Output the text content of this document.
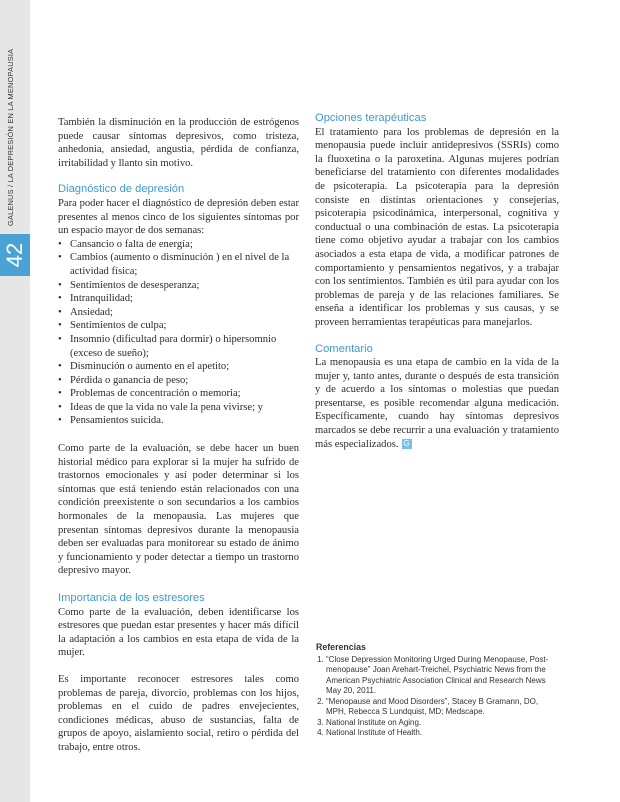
42
GALENUS / LA DEPRESIÓN EN LA MENOPAUSIA	También la disminución en la producción de estrógenos puede causar síntomas depresivos, como tristeza, anhedonia, ansiedad, angustia, pérdida de confianza, irritabilidad y llanto sin motivo.

Diagnóstico de depresión

Para poder hacer el diagnóstico de depresión deben estar presentes al menos cinco de los siguientes síntomas por un espacio mayor de dos semanas:

• Cansancio o falta de energía;
• Cambios (aumento o disminución ) en el nivel de la actividad física;
• Sentimientos de desesperanza;
• Intranquilidad;
• Ansiedad;
• Sentimientos de culpa;
• Insomnio (dificultad para dormir) o hipersomnio (exceso de sueño);
• Disminución o aumento en el apetito;
• Pérdida o ganancia de peso;
• Problemas de concentración o memoria;
• Ideas de que la vida no vale la pena vivirse; y
• Pensamientos suicida.

Como parte de la evaluación, se debe hacer un buen historial médico para explorar si la mujer ha sufrido de trastornos emocionales y así poder determinar si los síntomas que está teniendo están relacionados con una condición preexistente o son secundarios a los cambios hormonales de la menopausia. Las mujeres que presentan síntomas depresivos durante la menopausia deben ser evaluadas para monitorear su estado de ánimo y funcionamiento y poder detectar a tiempo un trastorno depresivo mayor.

Importancia de los estresores

Como parte de la evaluación, deben identificarse los estresores que puedan estar presentes y hacer más difícil la adaptación a los cambios en esta etapa de vida de la mujer.

Es importante reconocer estresores tales como problemas de pareja, divorcio, problemas con los hijos, problemas en el cuido de padres envejecientes, condiciones médicas, abuso de sustancias, falta de grupos de apoyo, aislamiento social, retiro o pérdida del trabajo, entre otros.

Opciones terapéuticas

El tratamiento para los problemas de depresión en la menopausia puede incluir antidepresivos (SSRIs) como la fluoxetina o la paroxetina. Algunas mujeres podrían beneficiarse del tratamiento con diferentes modalidades de psicoterapia. La psicoterapia para la depresión consiste en distintas orientaciones y consejerías, psicoterapia psicodinámica, interpersonal, cognitiva y conductual o una combinación de estas. La psicoterapia tiene como objetivo ayudar a trabajar con los cambios asociados a esta etapa de vida, a modificar patrones de comportamiento y pensamientos negativos, y a trabajar con los sentimientos. También es útil para ayudar con los problemas de pareja y de las relaciones familiares. Se enseña a identificar los problemas y sus causas, y se proveen herramientas terapéuticas para manejarlos.

Comentario

La menopausia es una etapa de cambio en la vida de la mujer y, tanto antes, durante o después de esta transición y de acuerdo a los síntomas o molestias que puedan presentarse, es posible recomendar alguna medicación. Específicamente, cuando hay síntomas depresivos marcados se debe recurrir a una evaluación y tratamiento más especializados. G

Referencias
1. “Close Depression Monitoring Urged During Menopause, Post-menopause” Joan Arehart-Treichel, Psychiatric News from the American Psychiatric Association Clinical and Research News May 20, 2011.
2. “Menopause and Mood Disorders”, Stacey B Gramann, DO, MPH, Rebecca S Lundquist, MD; Medscape.
3. National Institute on Aging.
4. National Institute of Health.
